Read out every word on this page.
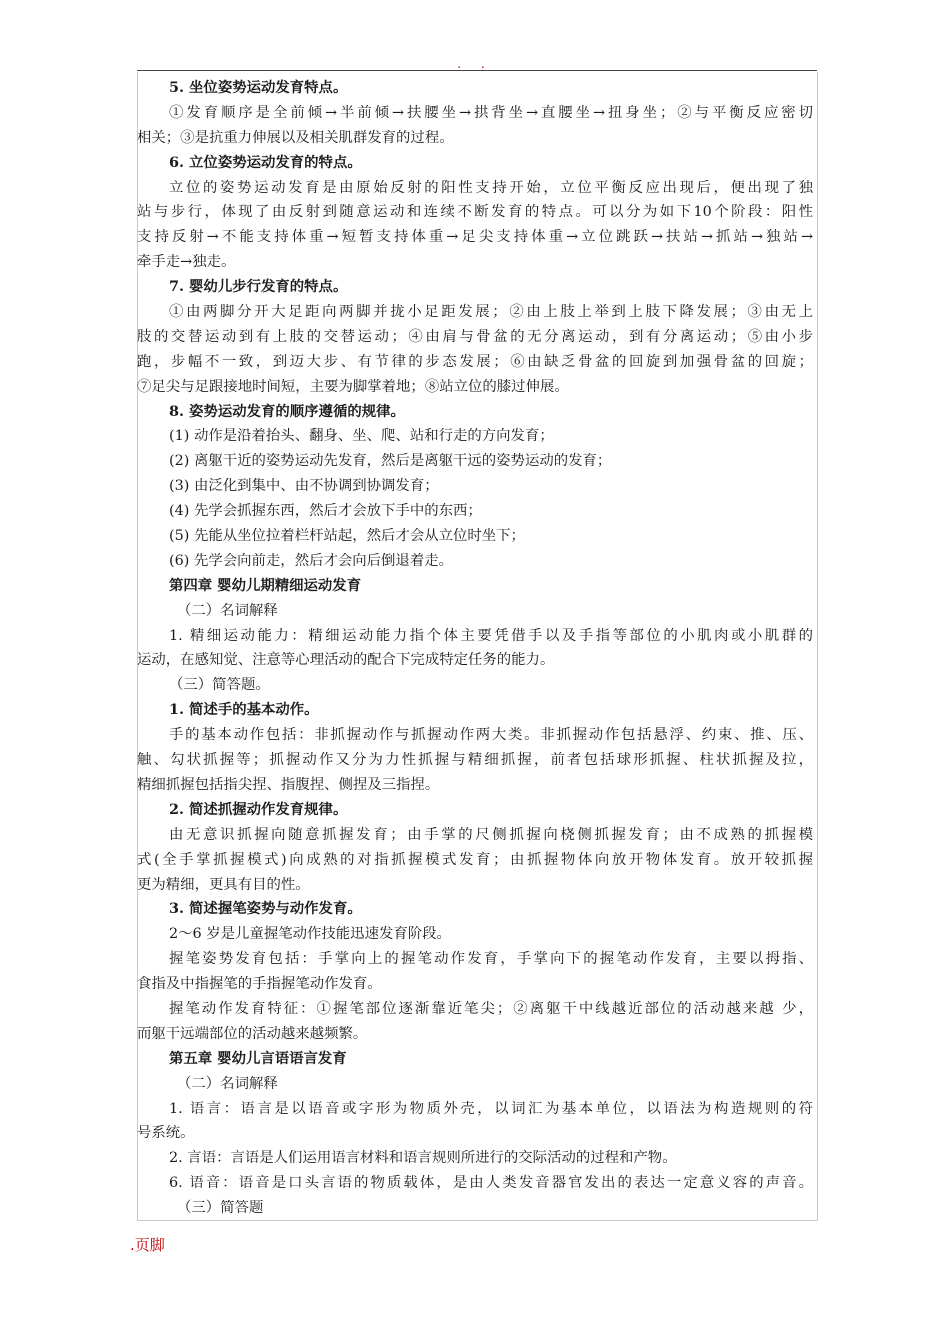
. .
5. 坐位姿势运动发育特点。
①发育顺序是全前倾→半前倾→扶腰坐→拱背坐→直腰坐→扭身坐；②与平衡反应密切
相关；③是抗重力伸展以及相关肌群发育的过程。
6. 立位姿势运动发育的特点。
立位的姿势运动发育是由原始反射的阳性支持开始，立位平衡反应出现后，便出现了独
站与步行，体现了由反射到随意运动和连续不断发育的特点。可以分为如下10个阶段：阳性
支持反射→不能支持体重→短暂支持体重→足尖支持体重→立位跳跃→扶站→抓站→独站→
牵手走→独走。
7. 婴幼儿步行发育的特点。
①由两脚分开大足距向两脚并拢小足距发展；②由上肢上举到上肢下降发展；③由无上
肢的交替运动到有上肢的交替运动；④由肩与骨盆的无分离运动，到有分离运动；⑤由小步
跑，步幅不一致，到迈大步、有节律的步态发展；⑥由缺乏骨盆的回旋到加强骨盆的回旋；
⑦足尖与足跟接地时间短，主要为脚掌着地；⑧站立位的膝过伸展。
8. 姿势运动发育的顺序遵循的规律。
(1) 动作是沿着抬头、翻身、坐、爬、站和行走的方向发育；
(2) 离躯干近的姿势运动先发育，然后是离躯干远的姿势运动的发育；
(3) 由泛化到集中、由不协调到协调发育；
(4) 先学会抓握东西，然后才会放下手中的东西；
(5) 先能从坐位拉着栏杆站起，然后才会从立位时坐下；
(6) 先学会向前走，然后才会向后倒退着走。
第四章 婴幼儿期精细运动发育
（二）名词解释
1. 精细运动能力：精细运动能力指个体主要凭借手以及手指等部位的小肌肉或小肌群的
运动，在感知觉、注意等心理活动的配合下完成特定任务的能力。
（三）简答题。
1. 简述手的基本动作。
手的基本动作包括：非抓握动作与抓握动作两大类。非抓握动作包括悬浮、约束、推、压、
触、勾状抓握等；抓握动作又分为力性抓握与精细抓握，前者包括球形抓握、柱状抓握及拉，
精细抓握包括指尖捏、指腹捏、侧捏及三指捏。
2. 简述抓握动作发育规律。
由无意识抓握向随意抓握发育；由手掌的尺侧抓握向桡侧抓握发育；由不成熟的抓握模
式(全手掌抓握模式)向成熟的对指抓握模式发育；由抓握物体向放开物体发育。放开较抓握
更为精细，更具有目的性。
3. 简述握笔姿势与动作发育。
2～6 岁是儿童握笔动作技能迅速发育阶段。
握笔姿势发育包括：手掌向上的握笔动作发育，手掌向下的握笔动作发育，主要以拇指、
食指及中指握笔的手指握笔动作发育。
握笔动作发育特征：①握笔部位逐渐靠近笔尖；②离躯干中线越近部位的活动越来越 少，
而躯干远端部位的活动越来越频繁。
第五章 婴幼儿言语语言发育
（二）名词解释
1. 语言：语言是以语音或字形为物质外壳，以词汇为基本单位，以语法为构造规则的符
号系统。
2. 言语：言语是人们运用语言材料和语言规则所进行的交际活动的过程和产物。
6. 语音：语音是口头言语的物质载体，是由人类发音器官发出的表达一定意义容的声音。
（三）简答题
.页脚
